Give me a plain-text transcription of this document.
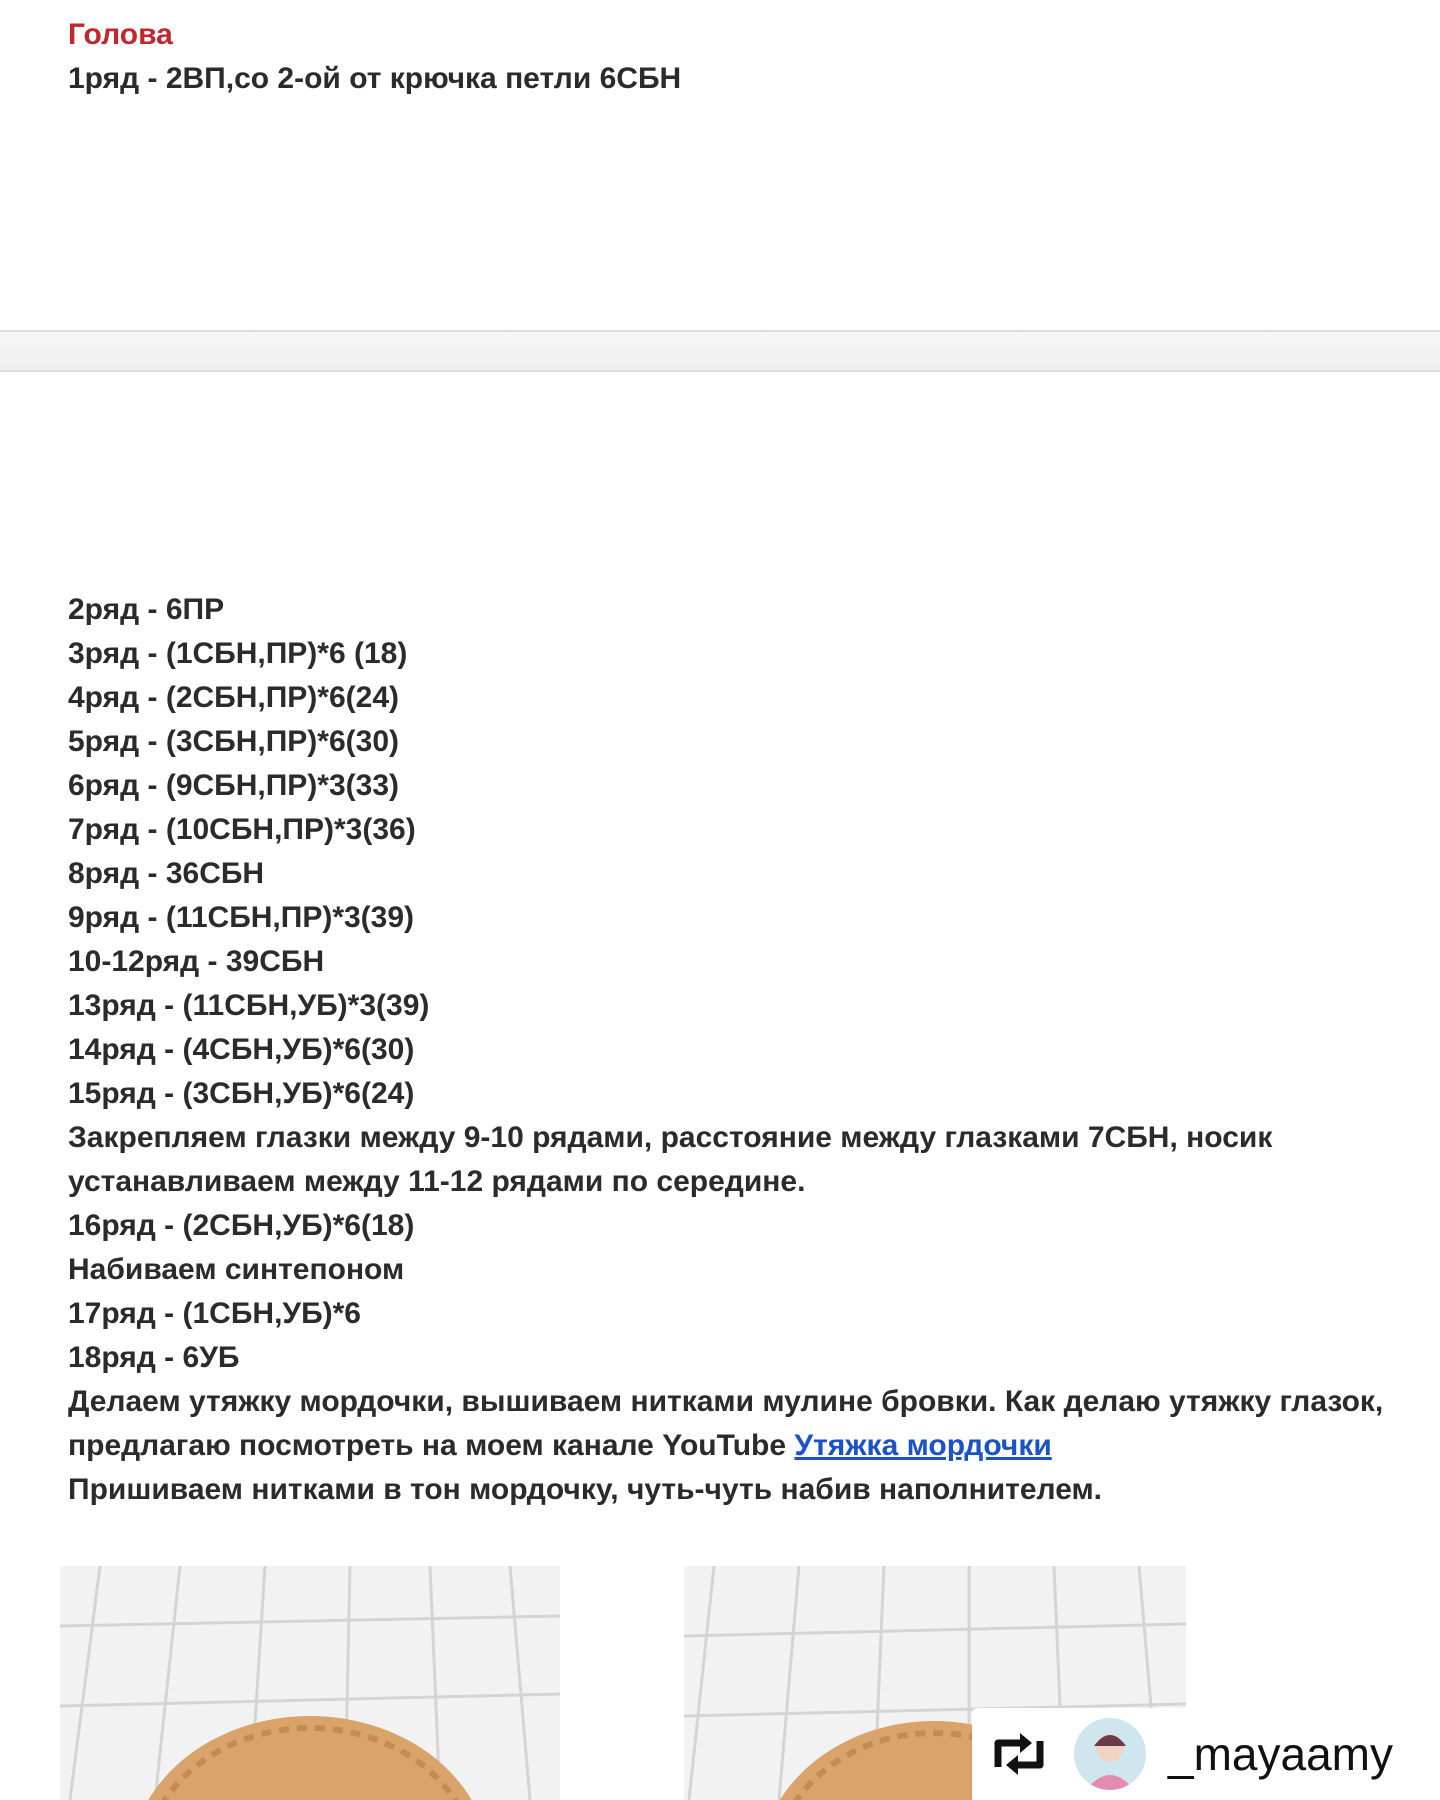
Голова

1ряд - 2ВП,со 2-ой от крючка петли 6СБН

2ряд - 6ПР
3ряд - (1СБН,ПР)*6 (18)
4ряд - (2СБН,ПР)*6(24)
5ряд - (3СБН,ПР)*6(30)
6ряд - (9СБН,ПР)*3(33)
7ряд - (10СБН,ПР)*3(36)
8ряд - 36СБН
9ряд - (11СБН,ПР)*3(39)
10-12ряд - 39СБН
13ряд - (11СБН,УБ)*3(39)
14ряд - (4СБН,УБ)*6(30)
15ряд - (3СБН,УБ)*6(24)
Закрепляем глазки между 9-10 рядами, расстояние между глазками 7СБН, носик устанавливаем между 11-12 рядами по середине.
16ряд - (2СБН,УБ)*6(18)
Набиваем синтепоном
17ряд - (1СБН,УБ)*6
18ряд - 6УБ
Делаем утяжку мордочки, вышиваем нитками мулине бровки. Как делаю утяжку глазок, предлагаю посмотреть на моем канале YouTube Утяжка мордочки
Пришиваем нитками в тон мордочку, чуть-чуть набив наполнителем.
_mayaamy
